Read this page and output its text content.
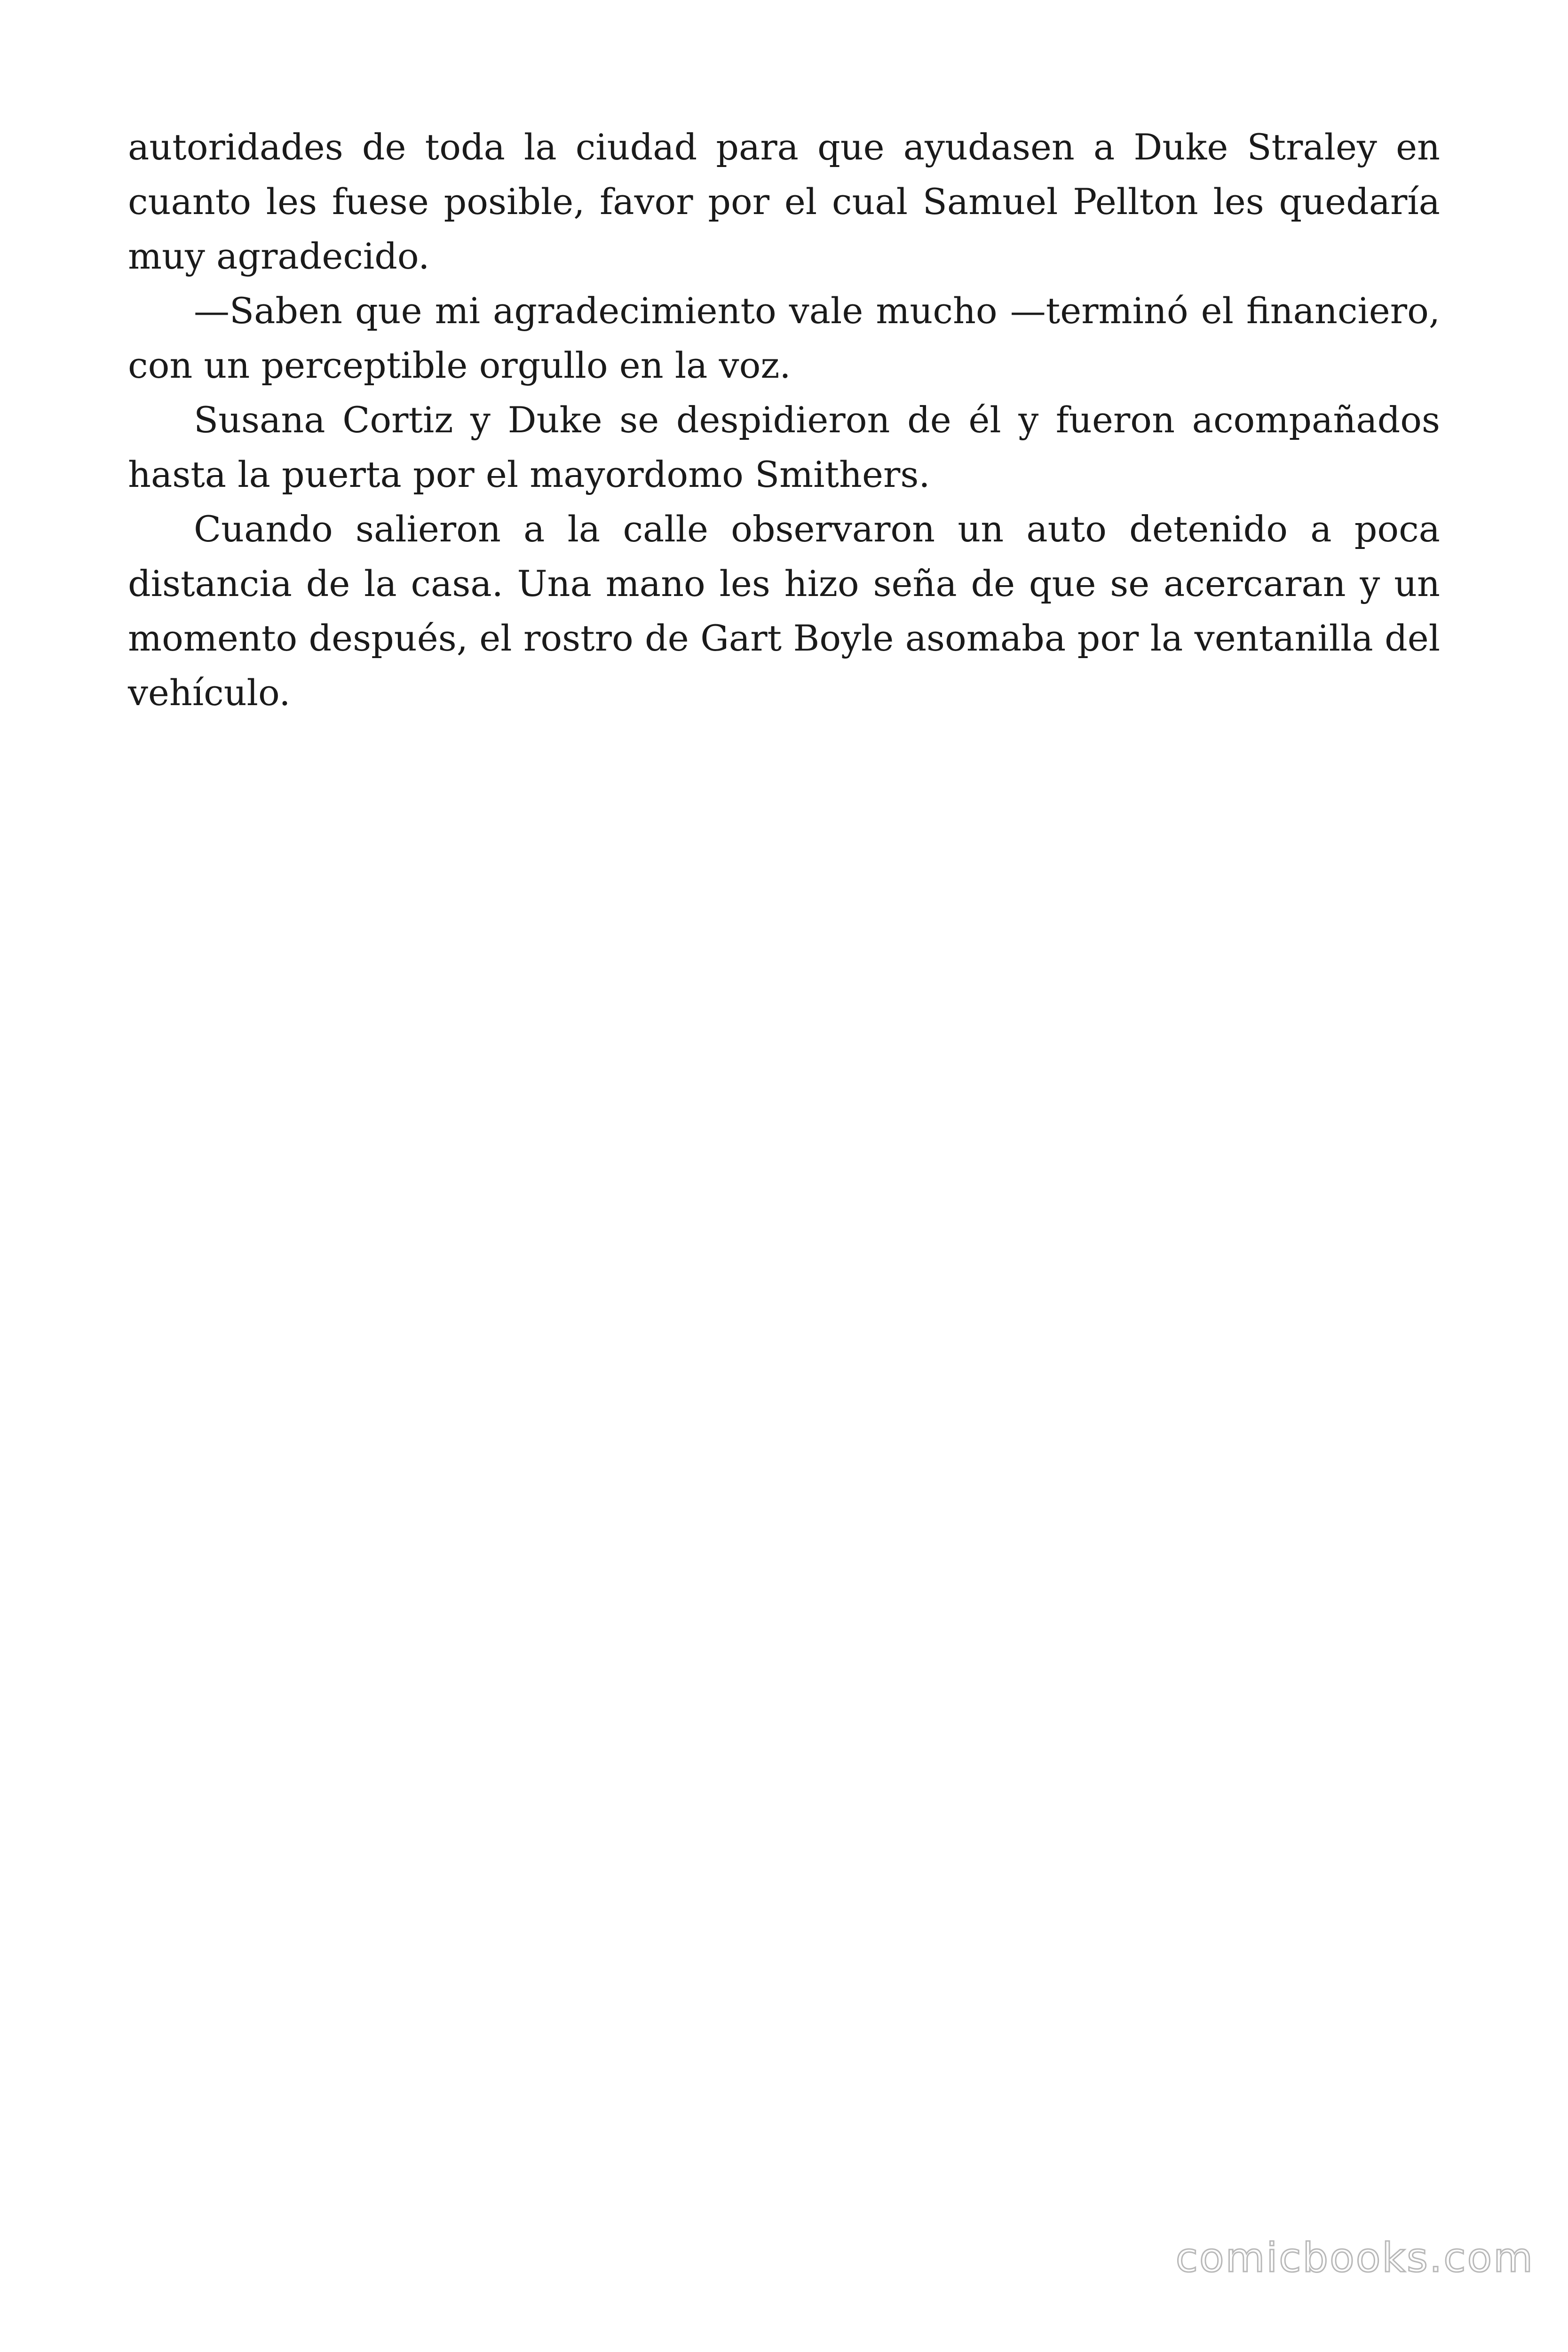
autoridades de toda la ciudad para que ayudasen a Duke Straley en cuanto les fuese posible, favor por el cual Samuel Pellton les quedaría muy agradecido.

—Saben que mi agradecimiento vale mucho —terminó el financiero, con un perceptible orgullo en la voz.

Susana Cortiz y Duke se despidieron de él y fueron acompañados hasta la puerta por el mayordomo Smithers.

Cuando salieron a la calle observaron un auto detenido a poca distancia de la casa. Una mano les hizo seña de que se acercaran y un momento después, el rostro de Gart Boyle asomaba por la ventanilla del vehículo.

comicbooks.com
